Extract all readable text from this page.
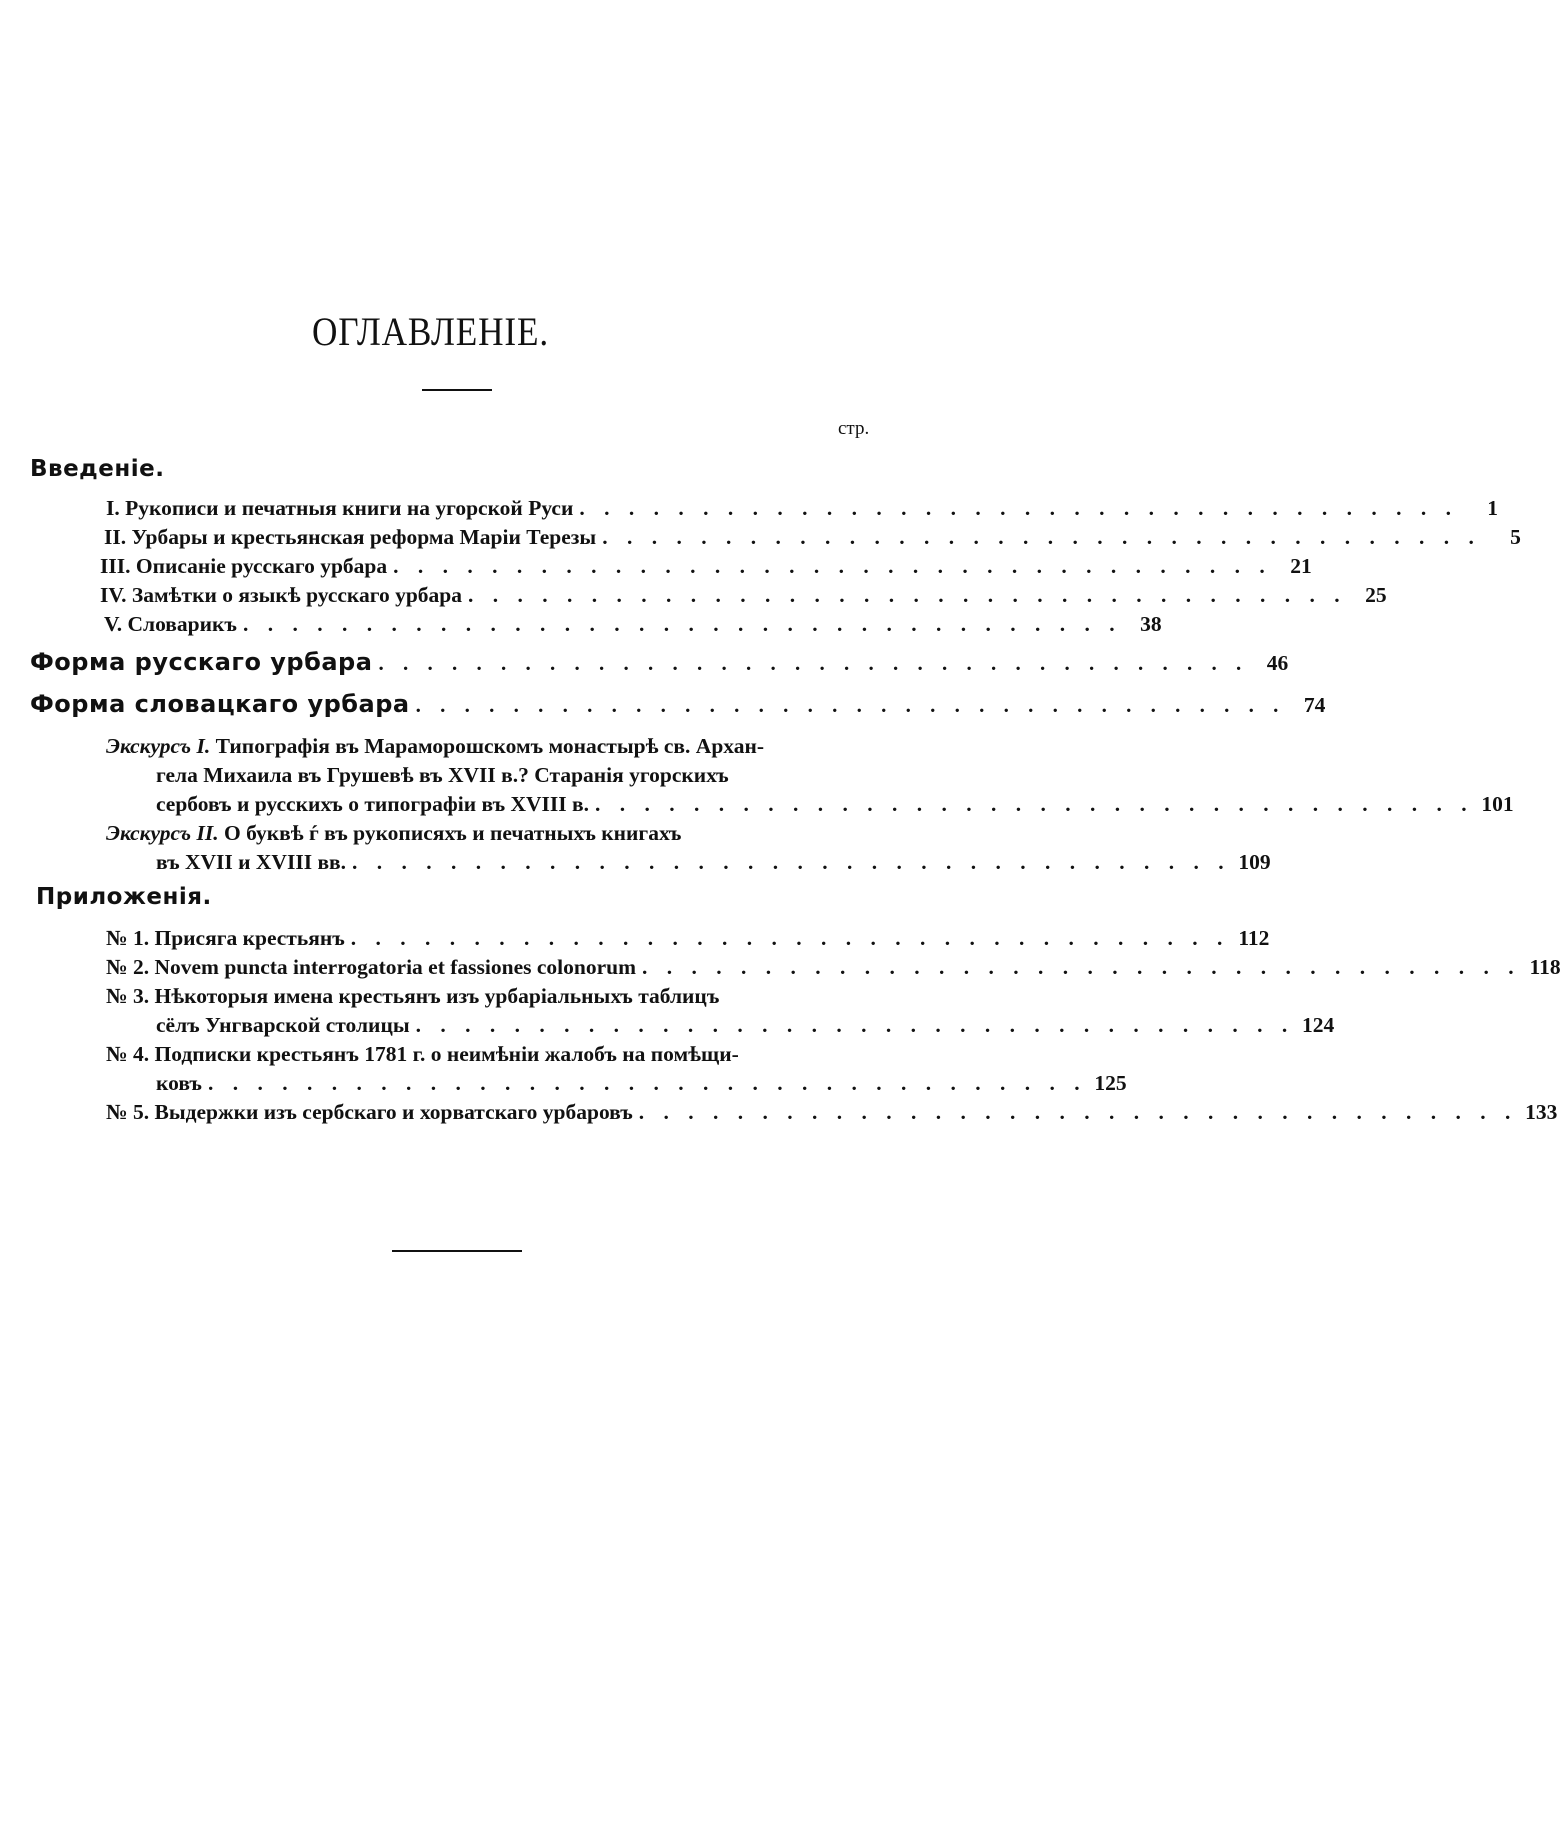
ОГЛАВЛЕНІЕ.
стр.
Введеніе.
I. Рукописи и печатныя книги на угорской Руси . . . . . . . . . . . . . . . . . . . . . . . . . . . . . . . . . . . .	1
II. Урбары и крестьянская реформа Маріи Терезы . . . . . . . . . . . . . . . . . . . . . . . . . . . . . . . . . . . .	5
III. Описаніе русскаго урбара . . . . . . . . . . . . . . . . . . . . . . . . . . . . . . . . . . . . 21
IV. Замѣтки о языкѣ русскаго урбара . . . . . . . . . . . . . . . . . . . . . . . . . . . . . . . . . . . . 25
V. Словарикъ . . . . . . . . . . . . . . . . . . . . . . . . . . . . . . . . . . . . 38
Форма русскаго урбара . . . . . . . . . . . . . . . . . . . . . . . . . . . . . . . . . . . . 46
Форма словацкаго урбара . . . . . . . . . . . . . . . . . . . . . . . . . . . . . . . . . . . . 74
Экскурсъ I. Типографія въ Мараморошскомъ монастырѣ св. Архан-
гела Михаила въ Грушевѣ въ XVII в.? Старанія угорскихъ
сербовъ и русскихъ о типографіи въ XVIII в. . . . . . . . . . . . . . . . . . . . . . . . . . . . . . . . . . . . . 101
Экскурсъ II. О буквѣ ѓ въ рукописяхъ и печатныхъ книгахъ
въ XVII и XVIII вв. . . . . . . . . . . . . . . . . . . . . . . . . . . . . . . . . . . . . 109
Приложенія.
№ 1. Присяга крестьянъ . . . . . . . . . . . . . . . . . . . . . . . . . . . . . . . . . . . . 112
№ 2. Novem puncta interrogatoria et fassiones colonorum . . . . . . . . . . . . . . . . . . . . . . . . . . . . . . . . . . . . 118
№ 3. Нѣкоторыя имена крестьянъ изъ урбаріальныхъ таблицъ
сёлъ Унгварской столицы . . . . . . . . . . . . . . . . . . . . . . . . . . . . . . . . . . . . 124
№ 4. Подписки крестьянъ 1781 г. о неимѣніи жалобъ на помѣщи-
ковъ . . . . . . . . . . . . . . . . . . . . . . . . . . . . . . . . . . . . 125
№ 5. Выдержки изъ сербскаго и хорватскаго урбаровъ . . . . . . . . . . . . . . . . . . . . . . . . . . . . . . . . . . . . 133
